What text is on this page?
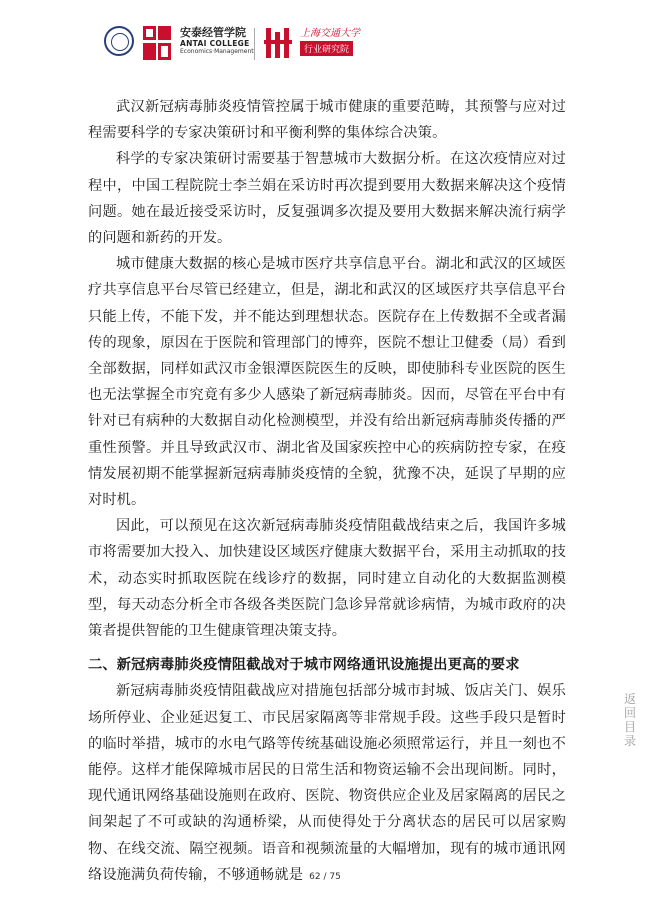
安泰经管学院
ANTAI COLLEGE
Economics·Management
上海交通大学
行业研究院

武汉新冠病毒肺炎疫情管控属于城市健康的重要范畴，其预警与应对过程需要科学的专家决策研讨和平衡利弊的集体综合决策。

科学的专家决策研讨需要基于智慧城市大数据分析。在这次疫情应对过程中，中国工程院院士李兰娟在采访时再次提到要用大数据来解决这个疫情问题。她在最近接受采访时，反复强调多次提及要用大数据来解决流行病学的问题和新药的开发。

城市健康大数据的核心是城市医疗共享信息平台。湖北和武汉的区域医疗共享信息平台尽管已经建立，但是，湖北和武汉的区域医疗共享信息平台只能上传，不能下发，并不能达到理想状态。医院存在上传数据不全或者漏传的现象，原因在于医院和管理部门的博弈，医院不想让卫健委（局）看到全部数据，同样如武汉市金银潭医院医生的反映，即使肺科专业医院的医生也无法掌握全市究竟有多少人感染了新冠病毒肺炎。因而，尽管在平台中有针对已有病种的大数据自动化检测模型，并没有给出新冠病毒肺炎传播的严重性预警。并且导致武汉市、湖北省及国家疾控中心的疾病防控专家，在疫情发展初期不能掌握新冠病毒肺炎疫情的全貌，犹豫不决，延误了早期的应对时机。

因此，可以预见在这次新冠病毒肺炎疫情阻截战结束之后，我国许多城市将需要加大投入、加快建设区域医疗健康大数据平台，采用主动抓取的技术，动态实时抓取医院在线诊疗的数据，同时建立自动化的大数据监测模型，每天动态分析全市各级各类医院门急诊异常就诊病情，为城市政府的决策者提供智能的卫生健康管理决策支持。

二、新冠病毒肺炎疫情阻截战对于城市网络通讯设施提出更高的要求

新冠病毒肺炎疫情阻截战应对措施包括部分城市封城、饭店关门、娱乐场所停业、企业延迟复工、市民居家隔离等非常规手段。这些手段只是暂时的临时举措，城市的水电气路等传统基础设施必须照常运行，并且一刻也不能停。这样才能保障城市居民的日常生活和物资运输不会出现间断。同时，现代通讯网络基础设施则在政府、医院、物资供应企业及居家隔离的居民之间架起了不可或缺的沟通桥梁，从而使得处于分离状态的居民可以居家购物、在线交流、隔空视频。语音和视频流量的大幅增加，现有的城市通讯网络设施满负荷传输，不够通畅就是 62 / 75
返回目录
